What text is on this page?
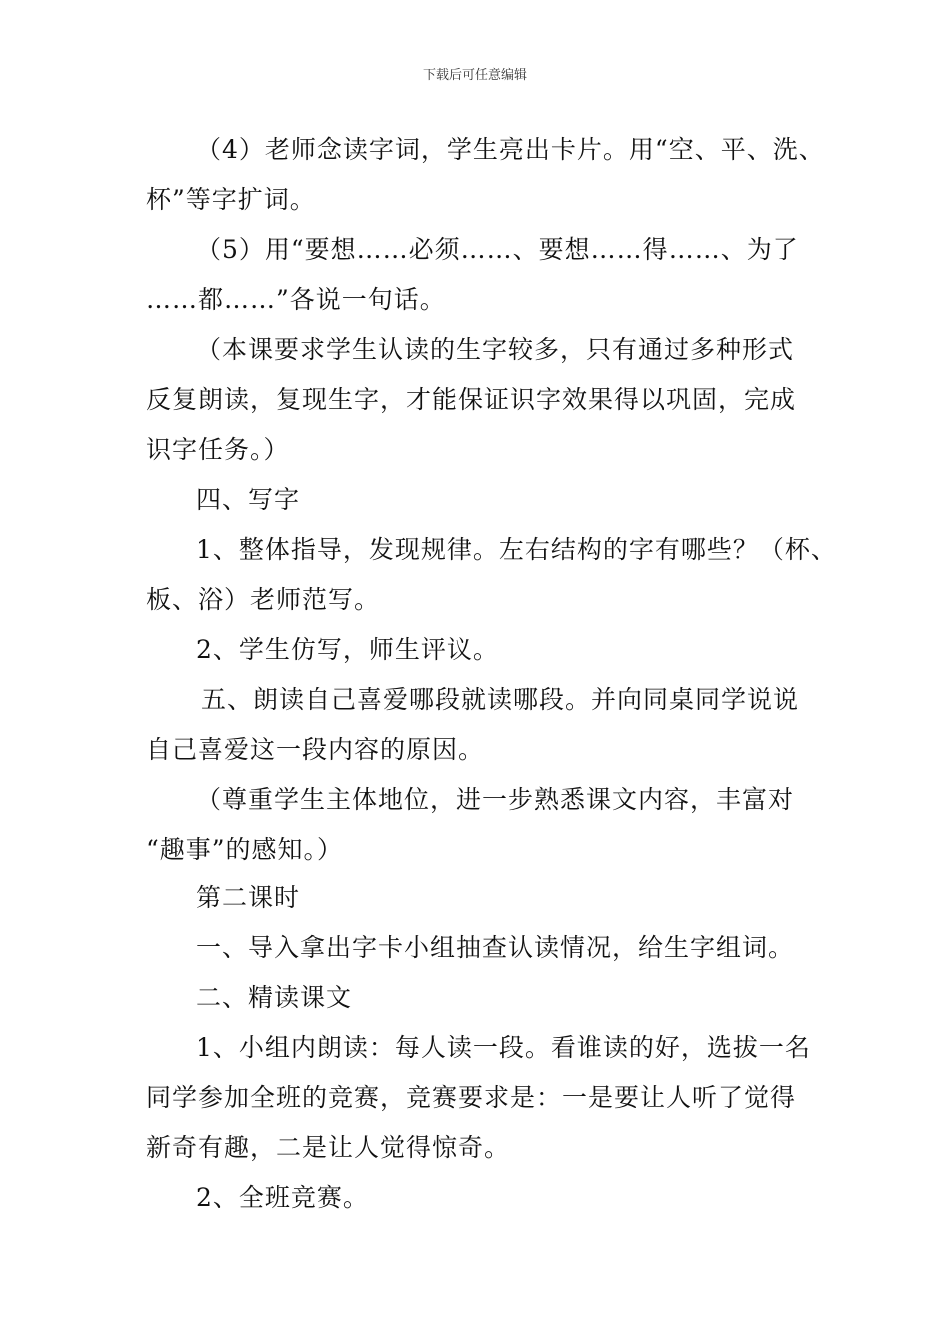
下载后可任意编辑
（4）老师念读字词，学生亮出卡片。用“空、平、洗、
杯”等字扩词。
（5）用“要想……必须……、要想……得……、为了
……都……”各说一句话。
（本课要求学生认读的生字较多，只有通过多种形式
反复朗读，复现生字，才能保证识字效果得以巩固，完成
识字任务。）
四、写字
1、整体指导，发现规律。左右结构的字有哪些？（杯、
板、浴）老师范写。
2、学生仿写，师生评议。
五、朗读自己喜爱哪段就读哪段。并向同桌同学说说
自己喜爱这一段内容的原因。
（尊重学生主体地位，进一步熟悉课文内容，丰富对
“趣事”的感知。）
第二课时
一、导入拿出字卡小组抽查认读情况，给生字组词。
二、精读课文
1、小组内朗读：每人读一段。看谁读的好，选拔一名
同学参加全班的竞赛，竞赛要求是：一是要让人听了觉得
新奇有趣，二是让人觉得惊奇。
2、全班竞赛。
